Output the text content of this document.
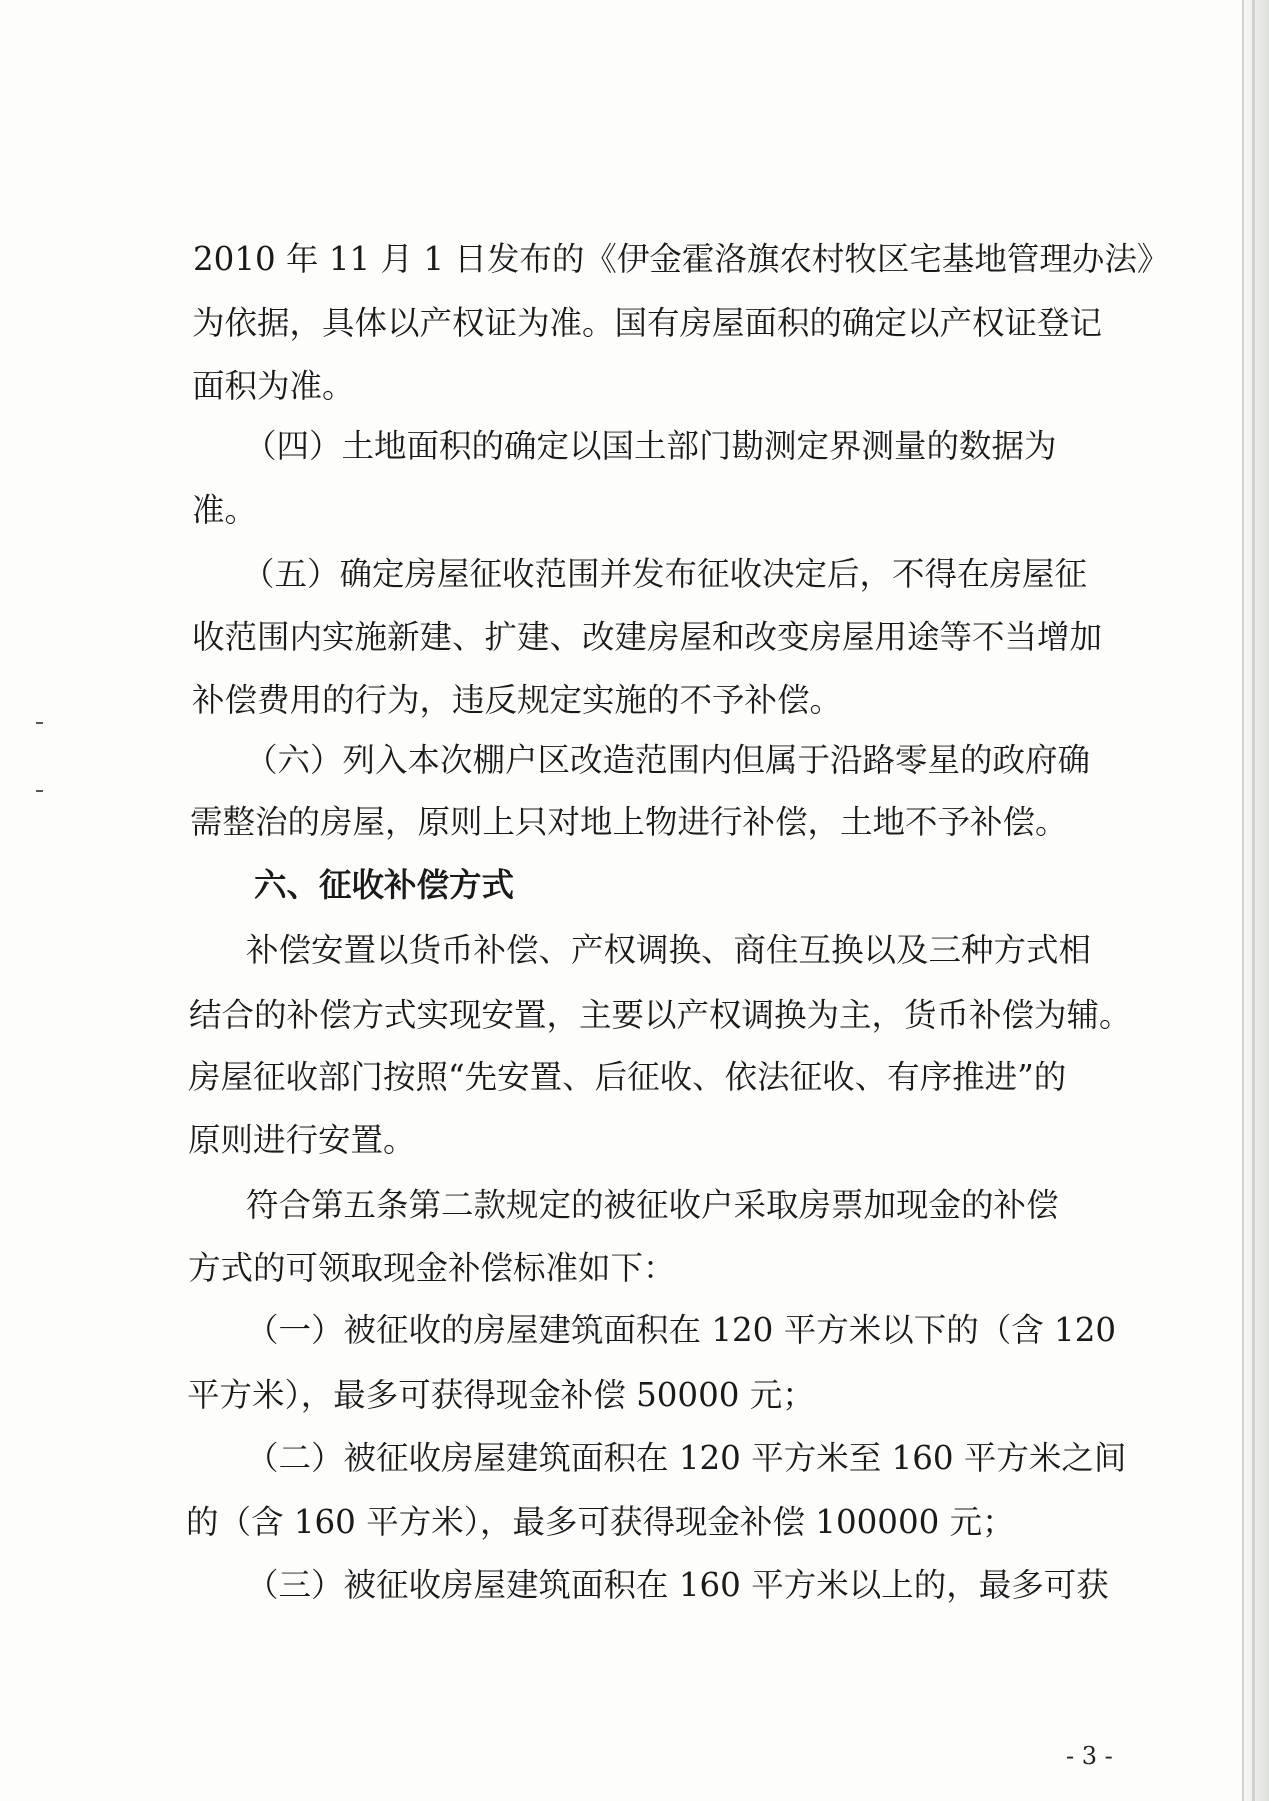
2010 年 11 月 1 日发布的《伊金霍洛旗农村牧区宅基地管理办法》

为依据，具体以产权证为准。国有房屋面积的确定以产权证登记

面积为准。

（四）土地面积的确定以国土部门勘测定界测量的数据为

准。

（五）确定房屋征收范围并发布征收决定后，不得在房屋征

收范围内实施新建、扩建、改建房屋和改变房屋用途等不当增加

补偿费用的行为，违反规定实施的不予补偿。

（六）列入本次棚户区改造范围内但属于沿路零星的政府确

需整治的房屋，原则上只对地上物进行补偿，土地不予补偿。

六、征收补偿方式

补偿安置以货币补偿、产权调换、商住互换以及三种方式相

结合的补偿方式实现安置，主要以产权调换为主，货币补偿为辅。

房屋征收部门按照“先安置、后征收、依法征收、有序推进”的

原则进行安置。

符合第五条第二款规定的被征收户采取房票加现金的补偿

方式的可领取现金补偿标准如下：

（一）被征收的房屋建筑面积在 120 平方米以下的（含 120

平方米），最多可获得现金补偿 50000 元；

（二）被征收房屋建筑面积在 120 平方米至 160 平方米之间

的（含 160 平方米），最多可获得现金补偿 100000 元；

（三）被征收房屋建筑面积在 160 平方米以上的，最多可获

- 3 -
